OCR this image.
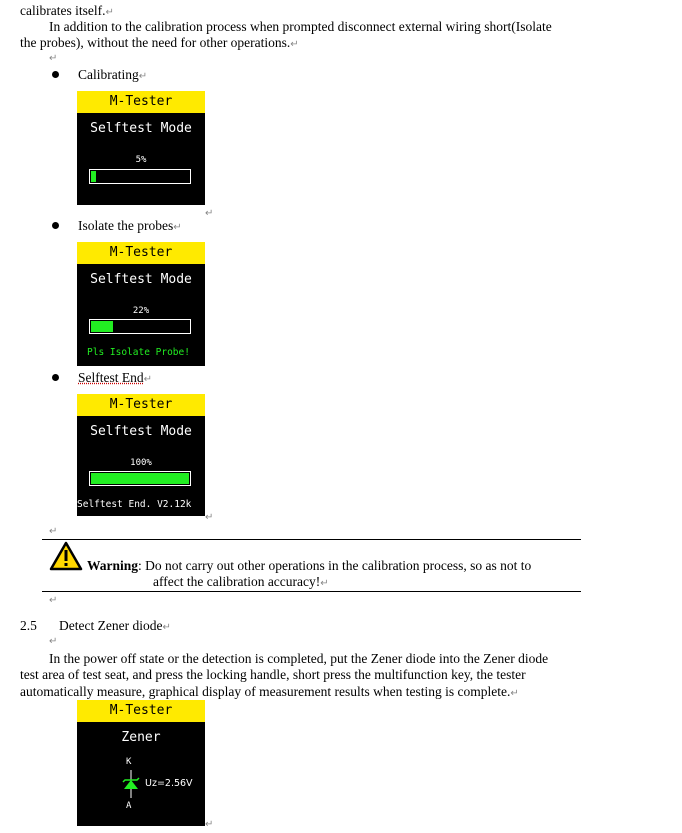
calibrates itself.↵
In addition to the calibration process when prompted disconnect external wiring short(Isolate
the probes), without the need for other operations.↵
↵
Calibrating↵
M-Tester
Selftest Mode
5%
↵
Isolate the probes↵
M-Tester
Selftest Mode
22%
Pls Isolate Probe!
Selftest End↵
M-Tester
Selftest Mode
100%
Selftest End. V2.12k
↵
↵
Warning: Do not carry out other operations in the calibration process, so as not to
affect the calibration accuracy!↵
↵
2.5 Detect Zener diode↵
↵
In the power off state or the detection is completed, put the Zener diode into the Zener diode
test area of test seat, and press the locking handle, short press the multifunction key, the tester
automatically measure, graphical display of measurement results when testing is complete.↵
M-Tester
Zener
K
Uz=2.56V
A
↵
